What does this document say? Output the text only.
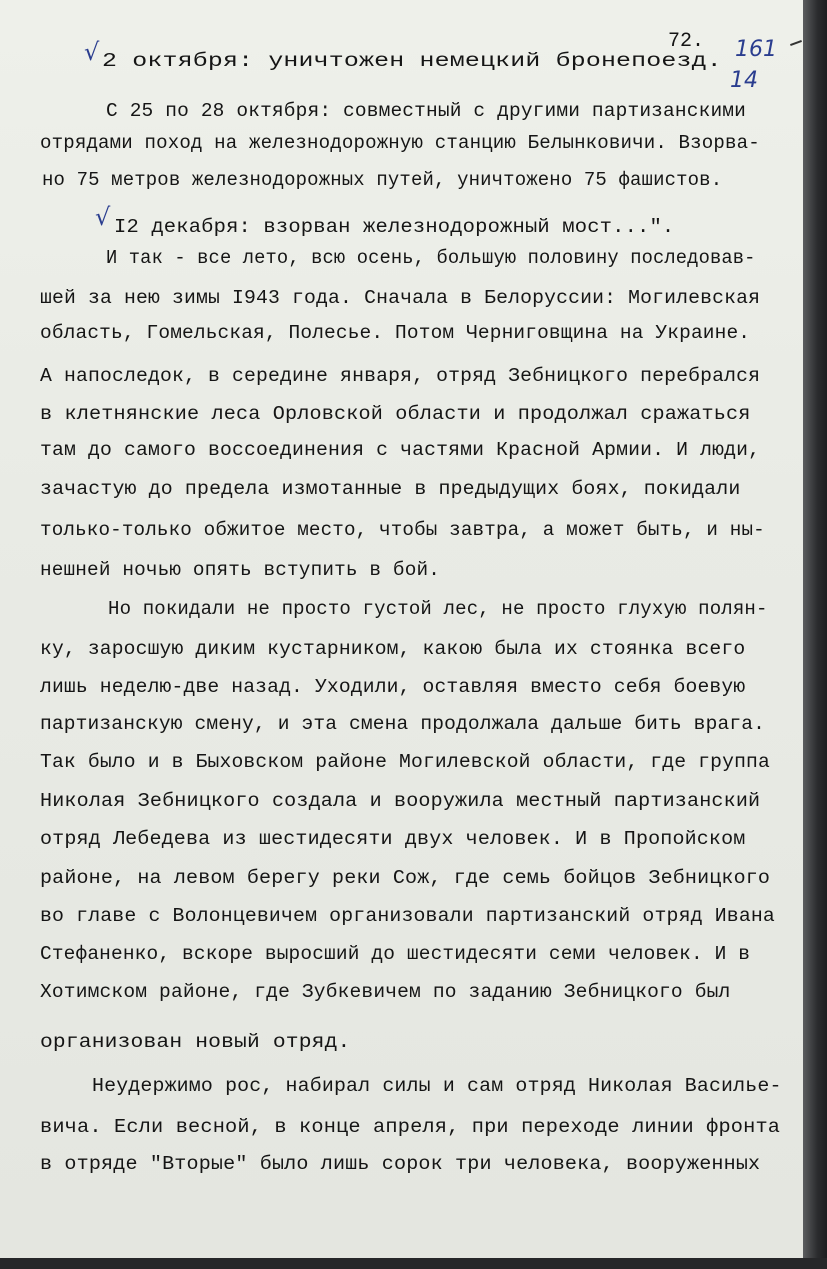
√
√
72. 161
14
2 октября: уничтожен немецкий бронепоезд.
С 25 по 28 октября: совместный с другими партизанскими
отрядами поход на железнодорожную станцию Белынковичи. Взорва-
но 75 метров железнодорожных путей, уничтожено 75 фашистов.
I2 декабря: взорван железнодорожный мост...".
И так - все лето, всю осень, большую половину последовав-
шей за нею зимы I943 года. Сначала в Белоруссии: Могилевская
область, Гомельская, Полесье. Потом Черниговщина на Украине.
А напоследок, в середине января, отряд Зебницкого перебрался
в клетнянские леса Орловской области и продолжал сражаться
там до самого воссоединения с частями Красной Армии. И люди,
зачастую до предела измотанные в предыдущих боях, покидали
только-только обжитое место, чтобы завтра, а может быть, и ны-
нешней ночью опять вступить в бой.
Но покидали не просто густой лес, не просто глухую полян-
ку, заросшую диким кустарником, какою была их стоянка всего
лишь неделю-две назад. Уходили, оставляя вместо себя боевую
партизанскую смену, и эта смена продолжала дальше бить врага.
Так было и в Быховском районе Могилевской области, где группа
Николая Зебницкого создала и вооружила местный партизанский
отряд Лебедева из шестидесяти двух человек. И в Пропойском
районе, на левом берегу реки Сож, где семь бойцов Зебницкого
во главе с Волонцевичем организовали партизанский отряд Ивана
Стефаненко, вскоре выросший до шестидесяти семи человек. И в
Хотимском районе, где Зубкевичем по заданию Зебницкого был
организован новый отряд.
Неудержимо рос, набирал силы и сам отряд Николая Василье-
вича. Если весной, в конце апреля, при переходе линии фронта
в отряде "Вторые" было лишь сорок три человека, вооруженных
